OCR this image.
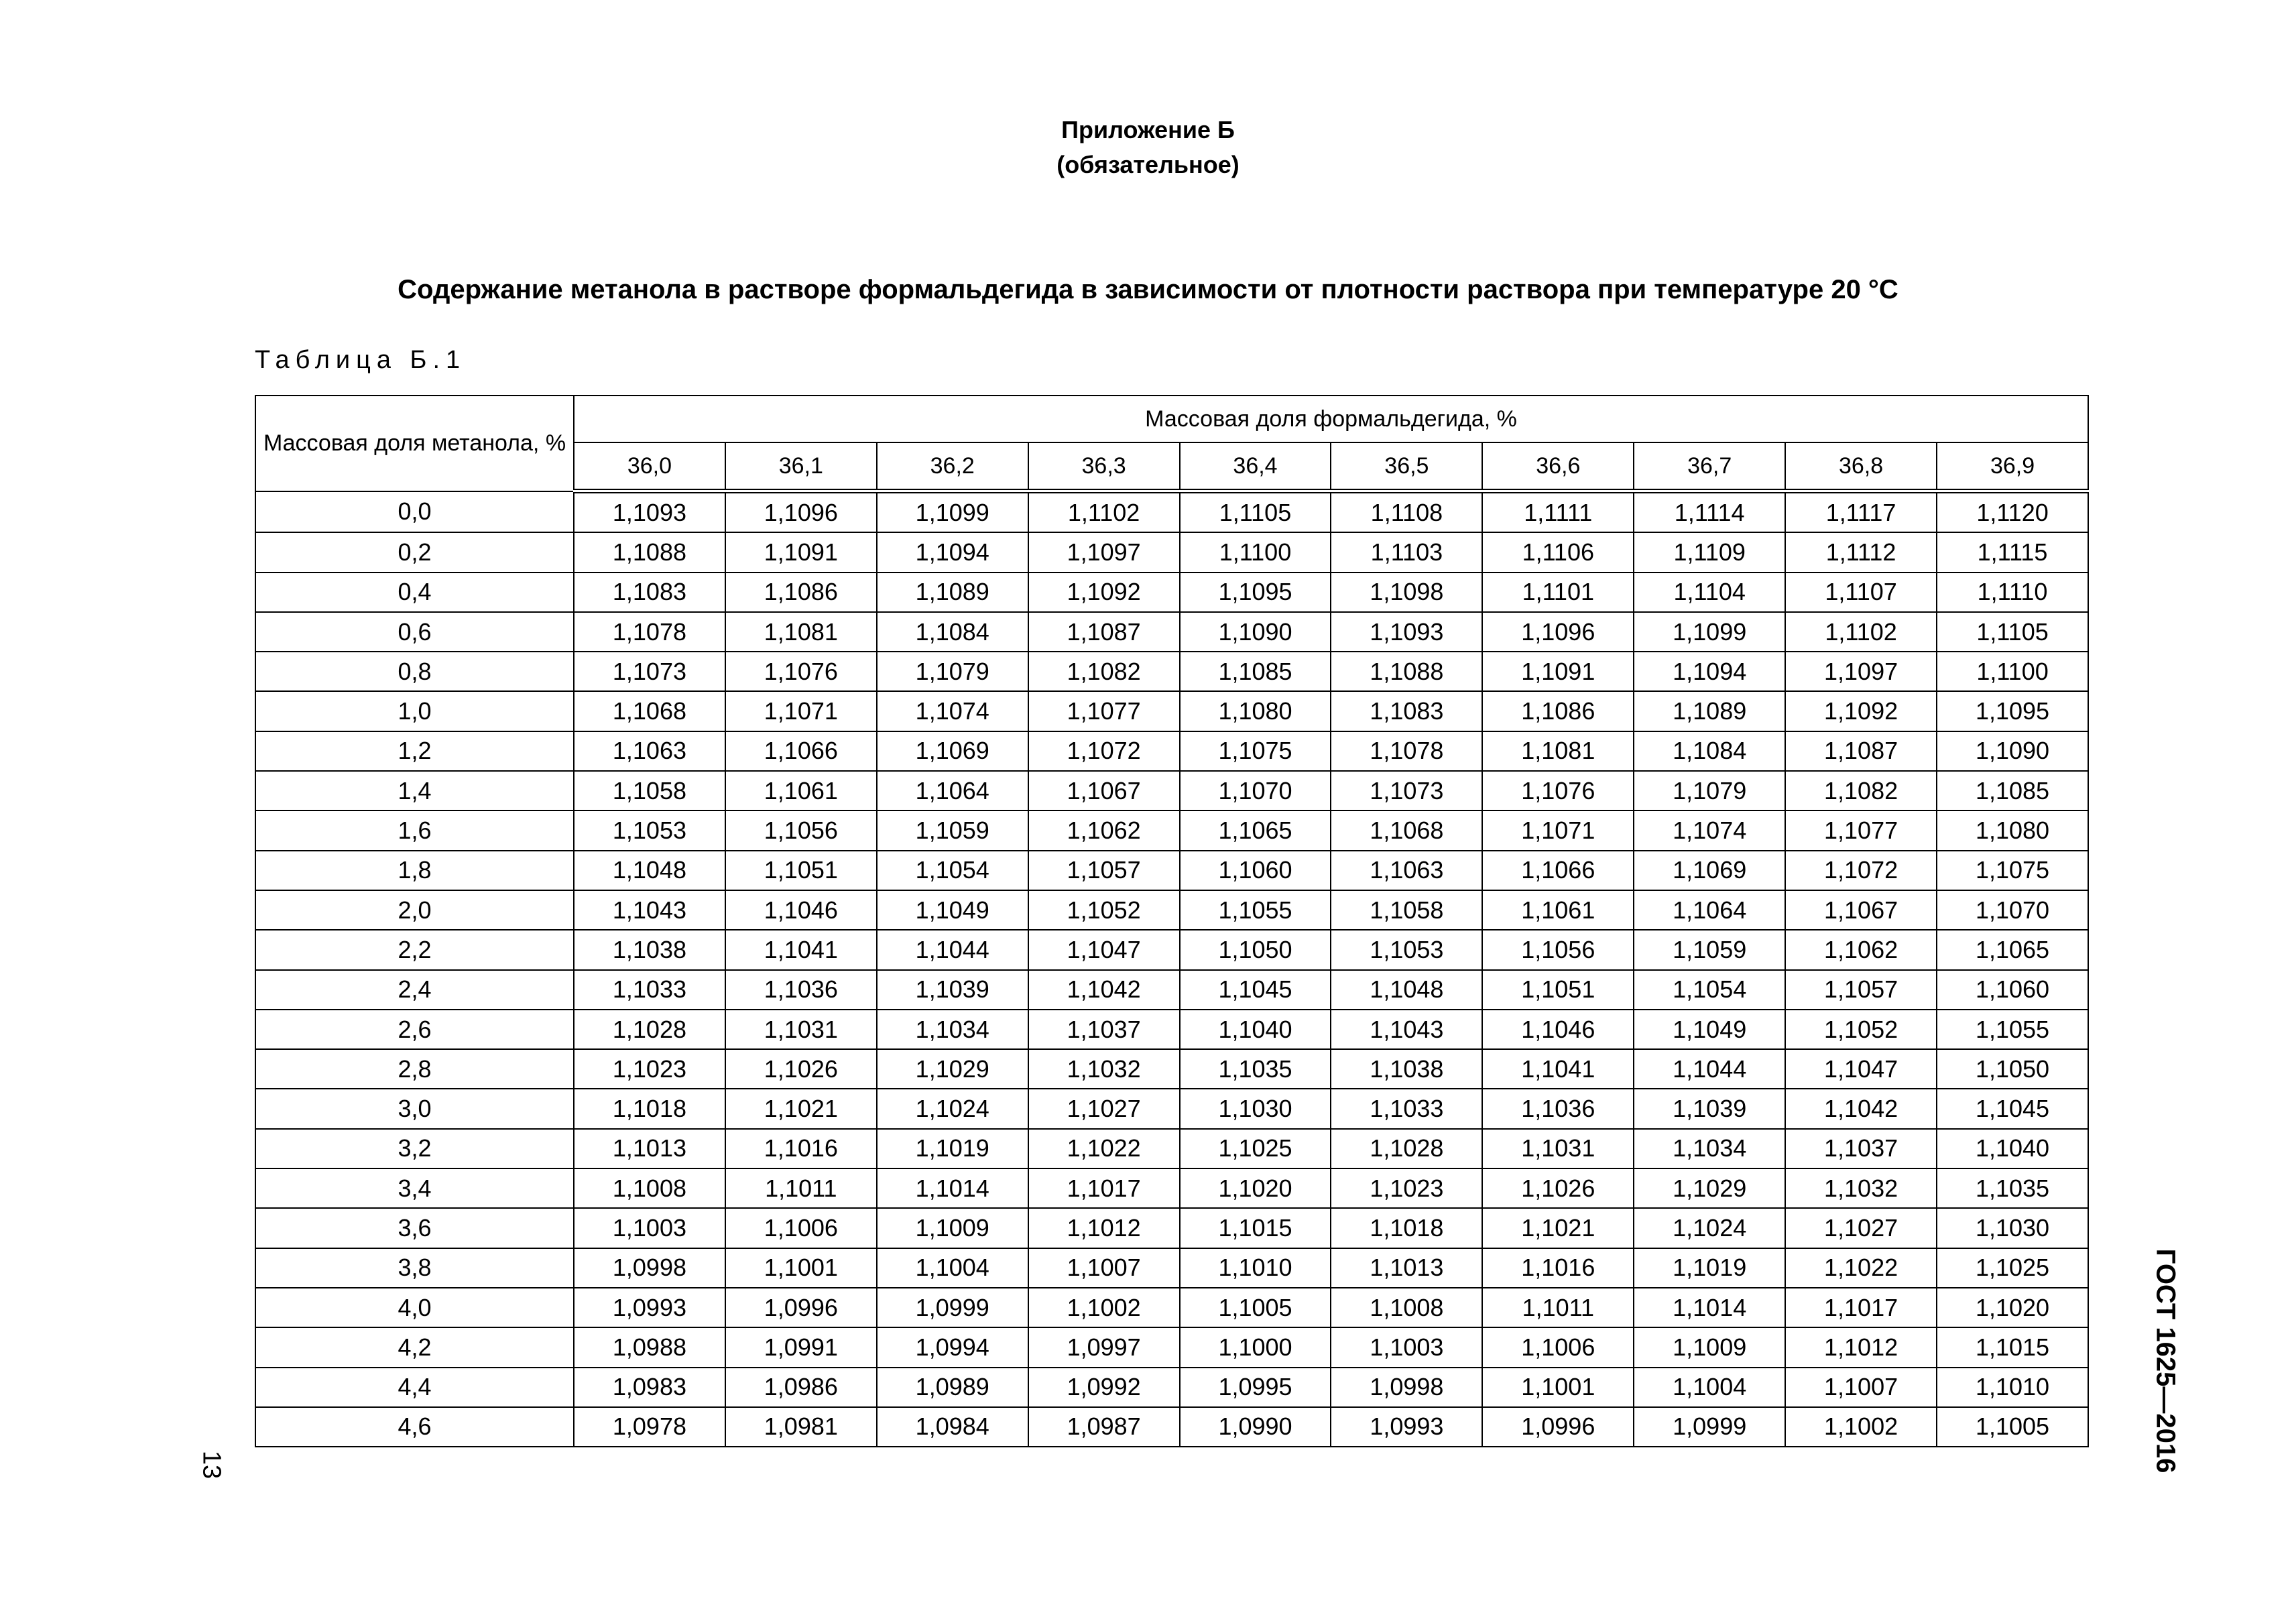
Приложение Б
(обязательное)
Содержание метанола в растворе формальдегида в зависимости от плотности раствора при температуре 20 °С
Таблица Б.1
Массовая доля метанола, %	Массовая доля формальдегида, %									
	36,0	36,1	36,2	36,3	36,4	36,5	36,6	36,7	36,8	36,9
0,0	1,1093	1,1096	1,1099	1,1102	1,1105	1,1108	1,1111	1,1114	1,1117	1,1120
0,2	1,1088	1,1091	1,1094	1,1097	1,1100	1,1103	1,1106	1,1109	1,1112	1,1115
0,4	1,1083	1,1086	1,1089	1,1092	1,1095	1,1098	1,1101	1,1104	1,1107	1,1110
0,6	1,1078	1,1081	1,1084	1,1087	1,1090	1,1093	1,1096	1,1099	1,1102	1,1105
0,8	1,1073	1,1076	1,1079	1,1082	1,1085	1,1088	1,1091	1,1094	1,1097	1,1100
1,0	1,1068	1,1071	1,1074	1,1077	1,1080	1,1083	1,1086	1,1089	1,1092	1,1095
1,2	1,1063	1,1066	1,1069	1,1072	1,1075	1,1078	1,1081	1,1084	1,1087	1,1090
1,4	1,1058	1,1061	1,1064	1,1067	1,1070	1,1073	1,1076	1,1079	1,1082	1,1085
1,6	1,1053	1,1056	1,1059	1,1062	1,1065	1,1068	1,1071	1,1074	1,1077	1,1080
1,8	1,1048	1,1051	1,1054	1,1057	1,1060	1,1063	1,1066	1,1069	1,1072	1,1075
2,0	1,1043	1,1046	1,1049	1,1052	1,1055	1,1058	1,1061	1,1064	1,1067	1,1070
2,2	1,1038	1,1041	1,1044	1,1047	1,1050	1,1053	1,1056	1,1059	1,1062	1,1065
2,4	1,1033	1,1036	1,1039	1,1042	1,1045	1,1048	1,1051	1,1054	1,1057	1,1060
2,6	1,1028	1,1031	1,1034	1,1037	1,1040	1,1043	1,1046	1,1049	1,1052	1,1055
2,8	1,1023	1,1026	1,1029	1,1032	1,1035	1,1038	1,1041	1,1044	1,1047	1,1050
3,0	1,1018	1,1021	1,1024	1,1027	1,1030	1,1033	1,1036	1,1039	1,1042	1,1045
3,2	1,1013	1,1016	1,1019	1,1022	1,1025	1,1028	1,1031	1,1034	1,1037	1,1040
3,4	1,1008	1,1011	1,1014	1,1017	1,1020	1,1023	1,1026	1,1029	1,1032	1,1035
3,6	1,1003	1,1006	1,1009	1,1012	1,1015	1,1018	1,1021	1,1024	1,1027	1,1030
3,8	1,0998	1,1001	1,1004	1,1007	1,1010	1,1013	1,1016	1,1019	1,1022	1,1025
4,0	1,0993	1,0996	1,0999	1,1002	1,1005	1,1008	1,1011	1,1014	1,1017	1,1020
4,2	1,0988	1,0991	1,0994	1,0997	1,1000	1,1003	1,1006	1,1009	1,1012	1,1015
4,4	1,0983	1,0986	1,0989	1,0992	1,0995	1,0998	1,1001	1,1004	1,1007	1,1010
4,6	1,0978	1,0981	1,0984	1,0987	1,0990	1,0993	1,0996	1,0999	1,1002	1,1005	ГОСТ 1625—2016
13
